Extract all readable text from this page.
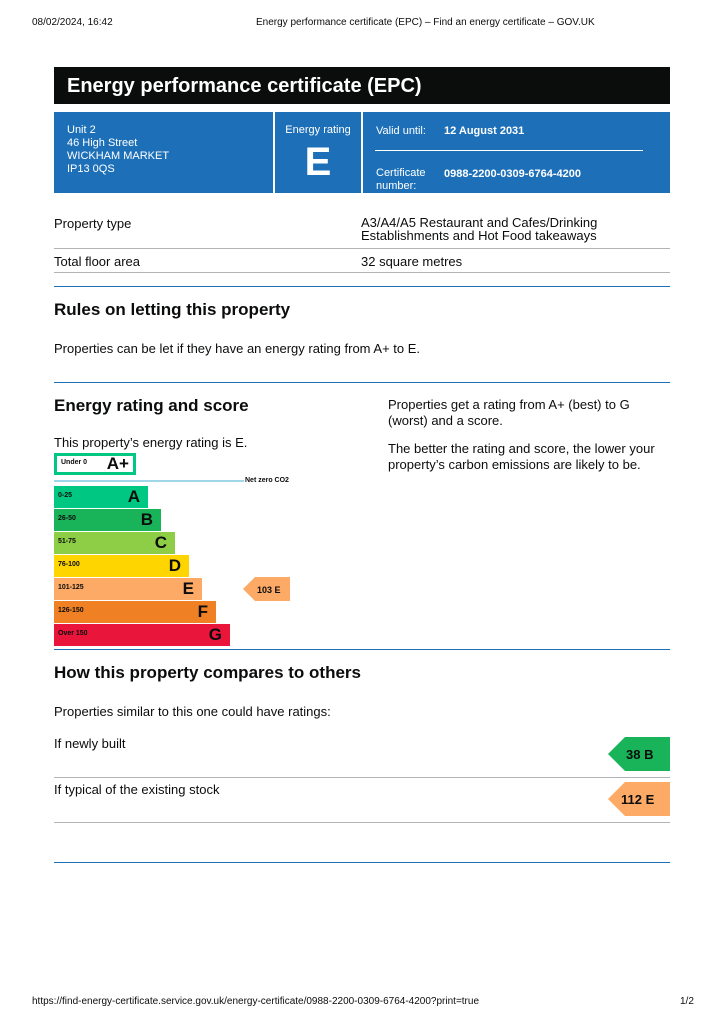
08/02/2024, 16:42	Energy performance certificate (EPC) – Find an energy certificate – GOV.UK
Energy performance certificate (EPC)
Unit 2
46 High Street
WICKHAM MARKET
IP13 0QS
Energy rating
E
Valid until: 12 August 2031
Certificate
number:
0988-2200-0309-6764-4200
Property type	A3/A4/A5 Restaurant and Cafes/Drinking
Establishments and Hot Food takeaways
Total floor area	32 square metres
Rules on letting this property
Properties can be let if they have an energy rating from A+ to E.
Energy rating and score
This property’s energy rating is E.
Properties get a rating from A+ (best) to G
(worst) and a score.
The better the rating and score, the lower your
property’s carbon emissions are likely to be.
Under 0 A+
0-25	A
26-50	B
51-75	C
76-100	D
101-125	E
126-150	F
Over 150	G
Net zero CO2
103 E
How this property compares to others
Properties similar to this one could have ratings:
If newly built
38 B
If typical of the existing stock
112 E
https://find-energy-certificate.service.gov.uk/energy-certificate/0988-2200-0309-6764-4200?print=true	1/2
